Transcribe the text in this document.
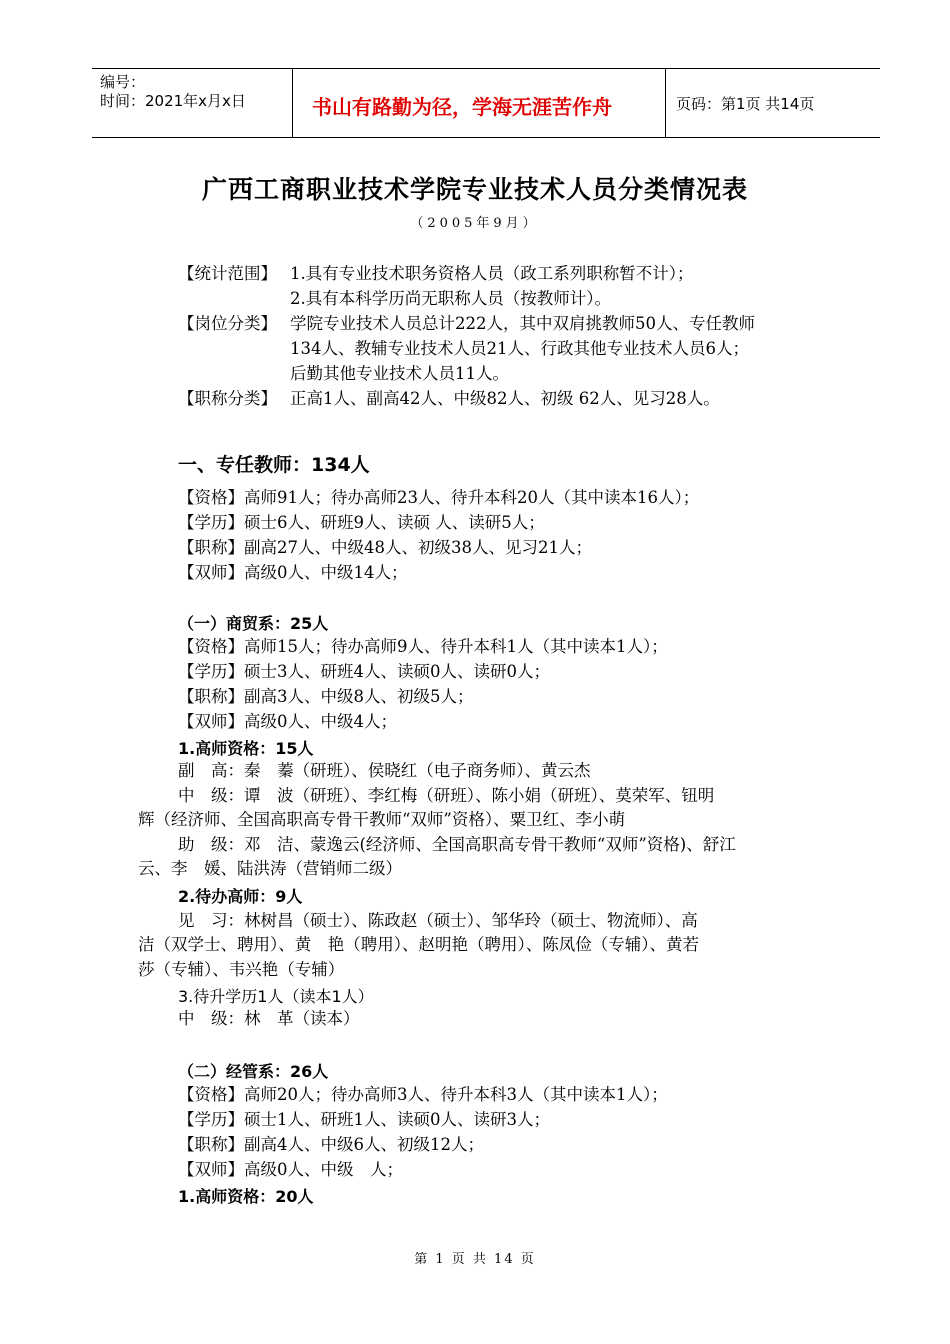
编号：
时间：2021年x月x日	书山有路勤为径，学海无涯苦作舟	页码：第1页 共14页
广西工商职业技术学院专业技术人员分类情况表
（2005年9月）
【统计范围】 1.具有专业技术职务资格人员（政工系列职称暂不计）；
2.具有本科学历尚无职称人员（按教师计）。
【岗位分类】 学院专业技术人员总计222人，其中双肩挑教师50人、专任教师
134人、教辅专业技术人员21人、行政其他专业技术人员6人；
后勤其他专业技术人员11人。
【职称分类】 正高1人、副高42人、中级82人、初级 62人、见习28人。
一、专任教师：134人
【资格】高师91人；待办高师23人、待升本科20人（其中读本16人）；
【学历】硕士6人、研班9人、读硕 人、读研5人；
【职称】副高27人、中级48人、初级38人、见习21人；
【双师】高级0人、中级14人；
（一）商贸系：25人
【资格】高师15人；待办高师9人、待升本科1人（其中读本1人）；
【学历】硕士3人、研班4人、读硕0人、读研0人；
【职称】副高3人、中级8人、初级5人；
【双师】高级0人、中级4人；
1.高师资格：15人
副　高：秦　蓁（研班）、侯晓红（电子商务师）、黄云杰
中　级：谭　波（研班）、李红梅（研班）、陈小娟（研班）、莫荣军、钮明
辉（经济师、全国高职高专骨干教师“双师”资格）、粟卫红、李小萌
助　级：邓　洁、蒙逸云(经济师、全国高职高专骨干教师“双师”资格)、舒江
云、李　媛、陆洪涛（营销师二级）
2.待办高师：9人
见　习：林树昌（硕士）、陈政赵（硕士）、邹华玲（硕士、物流师）、高
洁（双学士、聘用）、黄　艳（聘用）、赵明艳（聘用）、陈凤俭（专辅）、黄若
莎（专辅）、韦兴艳（专辅）
3.待升学历1人（读本1人）
中　级：林　革（读本）
（二）经管系：26人
【资格】高师20人；待办高师3人、待升本科3人（其中读本1人）；
【学历】硕士1人、研班1人、读硕0人、读研3人；
【职称】副高4人、中级6人、初级12人；
【双师】高级0人、中级　人；
1.高师资格：20人
第 1 页 共 14 页
